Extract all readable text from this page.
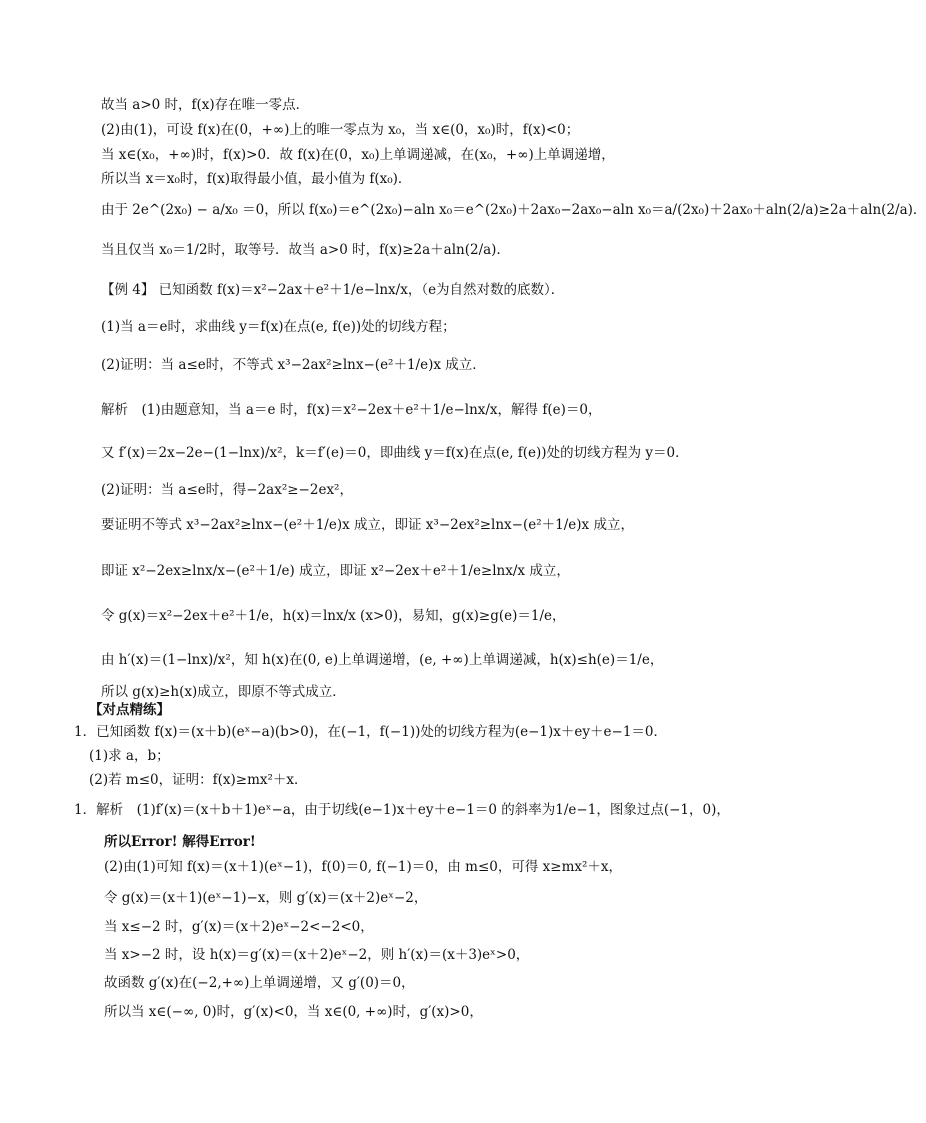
故当 a>0 时，f(x)存在唯一零点．
(2)由(1)，可设 f(x)在(0，+∞)上的唯一零点为 x₀，当 x∈(0，x₀)时，f(x)<0；
当 x∈(x₀，+∞)时，f(x)>0．故 f(x)在(0，x₀)上单调递减，在(x₀，+∞)上单调递增，
所以当 x＝x₀时，f(x)取得最小值，最小值为 f(x₀)．
由于 2e^(2x₀) − a/x₀ ＝0，所以 f(x₀)＝e^(2x₀)−aln x₀＝e^(2x₀)＋2ax₀−2ax₀−aln x₀＝a/(2x₀)＋2ax₀＋aln(2/a)≥2a＋aln(2/a)．
当且仅当 x₀＝1/2时，取等号．故当 a>0 时，f(x)≥2a＋aln(2/a)．
【例 4】 已知函数 f(x)＝x²−2ax＋e²＋1/e−lnx/x，（e为自然对数的底数）．
(1)当 a＝e时，求曲线 y＝f(x)在点(e, f(e))处的切线方程；
(2)证明：当 a≤e时，不等式 x³−2ax²≥lnx−(e²＋1/e)x 成立．
解析　(1)由题意知，当 a＝e 时，f(x)＝x²−2ex＋e²＋1/e−lnx/x，解得 f(e)＝0，
又 f′(x)＝2x−2e−(1−lnx)/x²，k＝f′(e)＝0，即曲线 y＝f(x)在点(e, f(e))处的切线方程为 y＝0．
(2)证明：当 a≤e时，得−2ax²≥−2ex²，
要证明不等式 x³−2ax²≥lnx−(e²＋1/e)x 成立，即证 x³−2ex²≥lnx−(e²＋1/e)x 成立，
即证 x²−2ex≥lnx/x−(e²＋1/e) 成立，即证 x²−2ex＋e²＋1/e≥lnx/x 成立，
令 g(x)＝x²−2ex＋e²＋1/e，h(x)＝lnx/x (x>0)，易知，g(x)≥g(e)＝1/e，
由 h′(x)＝(1−lnx)/x²，知 h(x)在(0, e)上单调递增，(e, +∞)上单调递减，h(x)≤h(e)＝1/e，
所以 g(x)≥h(x)成立，即原不等式成立．
【对点精练】
1．已知函数 f(x)＝(x＋b)(eˣ−a)(b>0)，在(−1，f(−1))处的切线方程为(e−1)x＋ey＋e−1＝0．
(1)求 a，b；
(2)若 m≤0，证明：f(x)≥mx²＋x．
1．解析　(1)f′(x)＝(x＋b＋1)eˣ−a，由于切线(e−1)x＋ey＋e−1＝0 的斜率为1/e−1，图象过点(−1，0)，
所以Error! 解得Error!
(2)由(1)可知 f(x)＝(x＋1)(eˣ−1)，f(0)＝0, f(−1)＝0，由 m≤0，可得 x≥mx²＋x，
令 g(x)＝(x＋1)(eˣ−1)−x，则 g′(x)＝(x＋2)eˣ−2，
当 x≤−2 时，g′(x)＝(x＋2)eˣ−2<−2<0，
当 x>−2 时，设 h(x)＝g′(x)＝(x＋2)eˣ−2，则 h′(x)＝(x＋3)eˣ>0，
故函数 g′(x)在(−2,+∞)上单调递增，又 g′(0)＝0，
所以当 x∈(−∞, 0)时，g′(x)<0，当 x∈(0, +∞)时，g′(x)>0，
